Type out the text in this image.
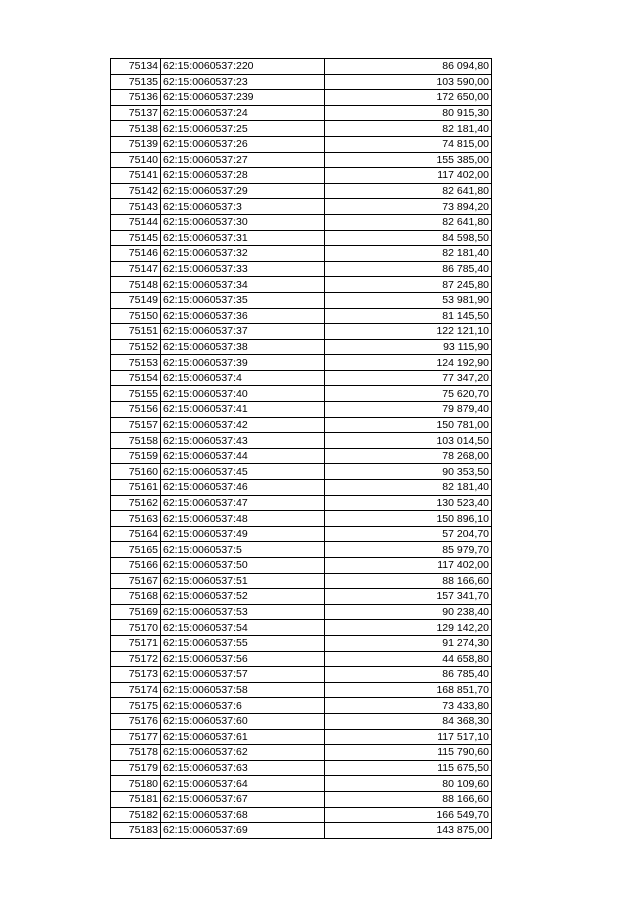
75134	62:15:0060537:220	86 094,80
75135	62:15:0060537:23	103 590,00
75136	62:15:0060537:239	172 650,00
75137	62:15:0060537:24	80 915,30
75138	62:15:0060537:25	82 181,40
75139	62:15:0060537:26	74 815,00
75140	62:15:0060537:27	155 385,00
75141	62:15:0060537:28	117 402,00
75142	62:15:0060537:29	82 641,80
75143	62:15:0060537:3	73 894,20
75144	62:15:0060537:30	82 641,80
75145	62:15:0060537:31	84 598,50
75146	62:15:0060537:32	82 181,40
75147	62:15:0060537:33	86 785,40
75148	62:15:0060537:34	87 245,80
75149	62:15:0060537:35	53 981,90
75150	62:15:0060537:36	81 145,50
75151	62:15:0060537:37	122 121,10
75152	62:15:0060537:38	93 115,90
75153	62:15:0060537:39	124 192,90
75154	62:15:0060537:4	77 347,20
75155	62:15:0060537:40	75 620,70
75156	62:15:0060537:41	79 879,40
75157	62:15:0060537:42	150 781,00
75158	62:15:0060537:43	103 014,50
75159	62:15:0060537:44	78 268,00
75160	62:15:0060537:45	90 353,50
75161	62:15:0060537:46	82 181,40
75162	62:15:0060537:47	130 523,40
75163	62:15:0060537:48	150 896,10
75164	62:15:0060537:49	57 204,70
75165	62:15:0060537:5	85 979,70
75166	62:15:0060537:50	117 402,00
75167	62:15:0060537:51	88 166,60
75168	62:15:0060537:52	157 341,70
75169	62:15:0060537:53	90 238,40
75170	62:15:0060537:54	129 142,20
75171	62:15:0060537:55	91 274,30
75172	62:15:0060537:56	44 658,80
75173	62:15:0060537:57	86 785,40
75174	62:15:0060537:58	168 851,70
75175	62:15:0060537:6	73 433,80
75176	62:15:0060537:60	84 368,30
75177	62:15:0060537:61	117 517,10
75178	62:15:0060537:62	115 790,60
75179	62:15:0060537:63	115 675,50
75180	62:15:0060537:64	80 109,60
75181	62:15:0060537:67	88 166,60
75182	62:15:0060537:68	166 549,70
75183	62:15:0060537:69	143 875,00
